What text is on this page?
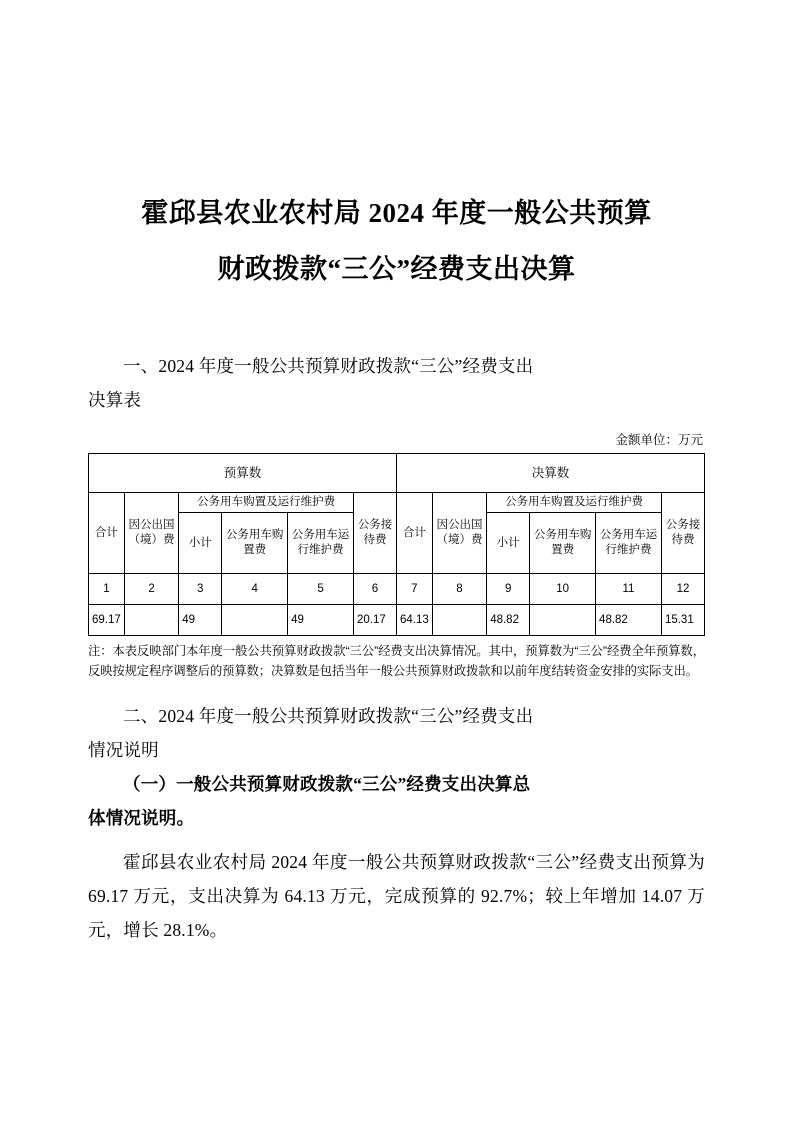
霍邱县农业农村局 2024 年度一般公共预算
财政拨款“三公”经费支出决算
一、2024 年度一般公共预算财政拨款“三公”经费支出
决算表
金额单位：万元
预算数						决算数					
合计	因公出国（境）费	公务用车购置及运行维护费			公务接待费	合计	因公出国（境）费	公务用车购置及运行维护费			公务接待费
		小计	公务用车购置费	公务用车运行维护费				小计	公务用车购置费	公务用车运行维护费	
1	2	3	4	5	6	7	8	9	10	11	12
69.17		49		49	20.17	64.13		48.82		48.82	15.31
注：本表反映部门本年度一般公共预算财政拨款“三公”经费支出决算情况。其中，预算数为“三公”经费全年预算数，反映按规定程序调整后的预算数；决算数是包括当年一般公共预算财政拨款和以前年度结转资金安排的实际支出。
二、2024 年度一般公共预算财政拨款“三公”经费支出
情况说明
（一）一般公共预算财政拨款“三公”经费支出决算总
体情况说明。
霍邱县农业农村局 2024 年度一般公共预算财政拨款“三公”经费支出预算为 69.17 万元，支出决算为 64.13 万元，完成预算的 92.7%；较上年增加 14.07 万元，增长 28.1%。
